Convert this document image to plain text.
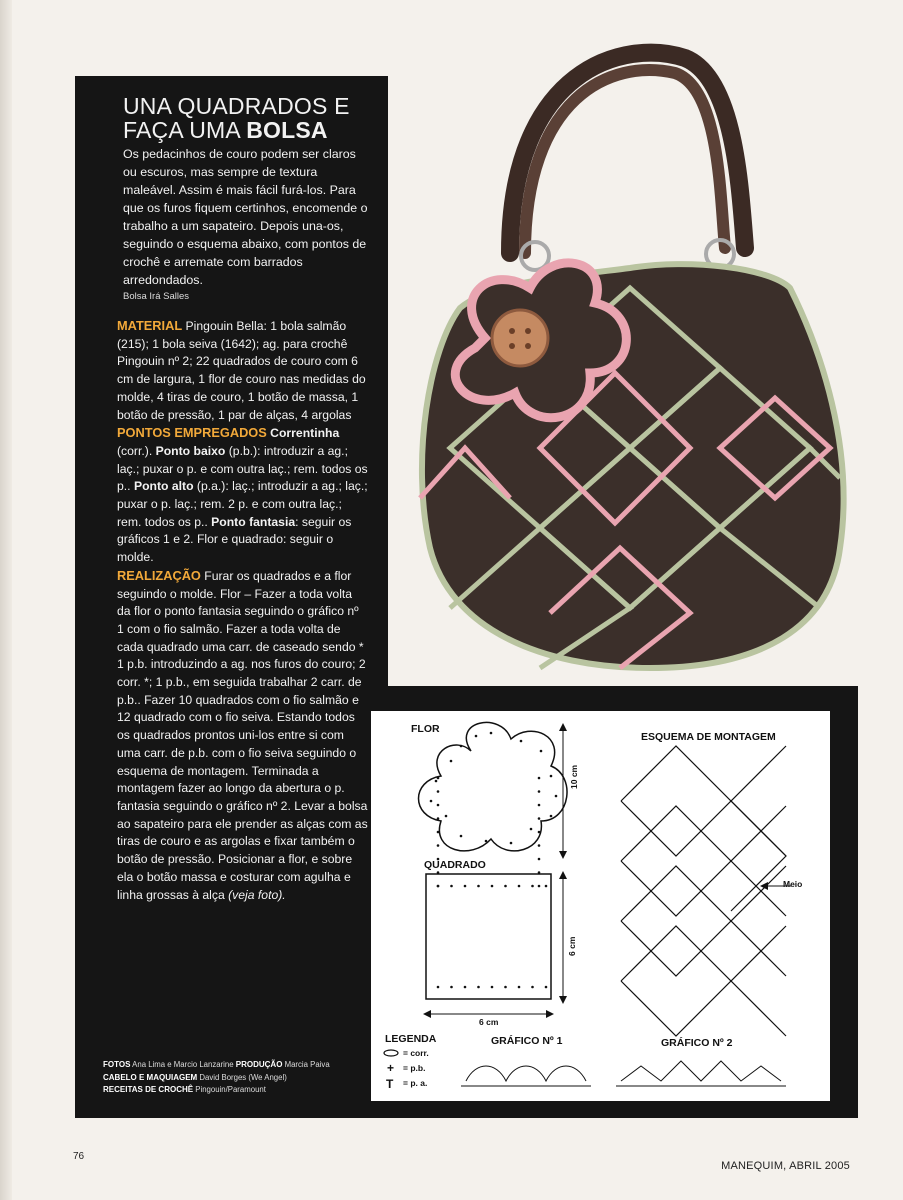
UNA QUADRADOS E
FAÇA UMA BOLSA
Os pedacinhos de couro podem ser claros ou escuros, mas sempre de textura maleável. Assim é mais fácil furá-los. Para que os furos fiquem certinhos, encomende o trabalho a um sapateiro. Depois una-os, seguindo o esquema abaixo, com pontos de crochê e arremate com barrados arredondados.
Bolsa Irá Salles
MATERIAL Pingouin Bella: 1 bola salmão (215); 1 bola seiva (1642); ag. para crochê Pingouin nº 2; 22 quadrados de couro com 6 cm de largura, 1 flor de couro nas medidas do molde, 4 tiras de couro, 1 botão de massa, 1 botão de pressão, 1 par de alças, 4 argolas
PONTOS EMPREGADOS Correntinha (corr.). Ponto baixo (p.b.): introduzir a ag.; laç.; puxar o p. e com outra laç.; rem. todos os p.. Ponto alto (p.a.): laç.; introduzir a ag.; laç.; puxar o p. laç.; rem. 2 p. e com outra laç.; rem. todos os p.. Ponto fantasia: seguir os gráficos 1 e 2. Flor e quadrado: seguir o molde.
REALIZAÇÃO Furar os quadrados e a flor seguindo o molde. Flor – Fazer a toda volta da flor o ponto fantasia seguindo o gráfico nº 1 com o fio salmão. Fazer a toda volta de cada quadrado uma carr. de caseado sendo * 1 p.b. introduzindo a ag. nos furos do couro; 2 corr. *; 1 p.b., em seguida trabalhar 2 carr. de p.b.. Fazer 10 quadrados com o fio salmão e 12 quadrado com o fio seiva. Estando todos os quadrados prontos uni-los entre si com uma carr. de p.b. com o fio seiva seguindo o esquema de montagem. Terminada a montagem fazer ao longo da abertura o p. fantasia seguindo o gráfico nº 2. Levar a bolsa ao sapateiro para ele prender as alças com as tiras de couro e as argolas e fixar também o botão de pressão. Posicionar a flor, e sobre ela o botão massa e costurar com agulha e linha grossas à alça (veja foto).
FOTOS Ana Lima e Marcio Lanzarine PRODUÇÃO Marcia Paiva CABELO E MAQUIAGEM David Borges (We Angel)
RECEITAS DE CROCHÊ Pingouin/Paramount
+
T
FLOR
10 cm
QUADRADO
6 cm
6 cm
ESQUEMA DE MONTAGEM
Meio
LEGENDA
= corr.
= p.b.
= p. a.
GRÁFICO Nº 1	GRÁFICO Nº 2
76
MANEQUIM, ABRIL 2005
